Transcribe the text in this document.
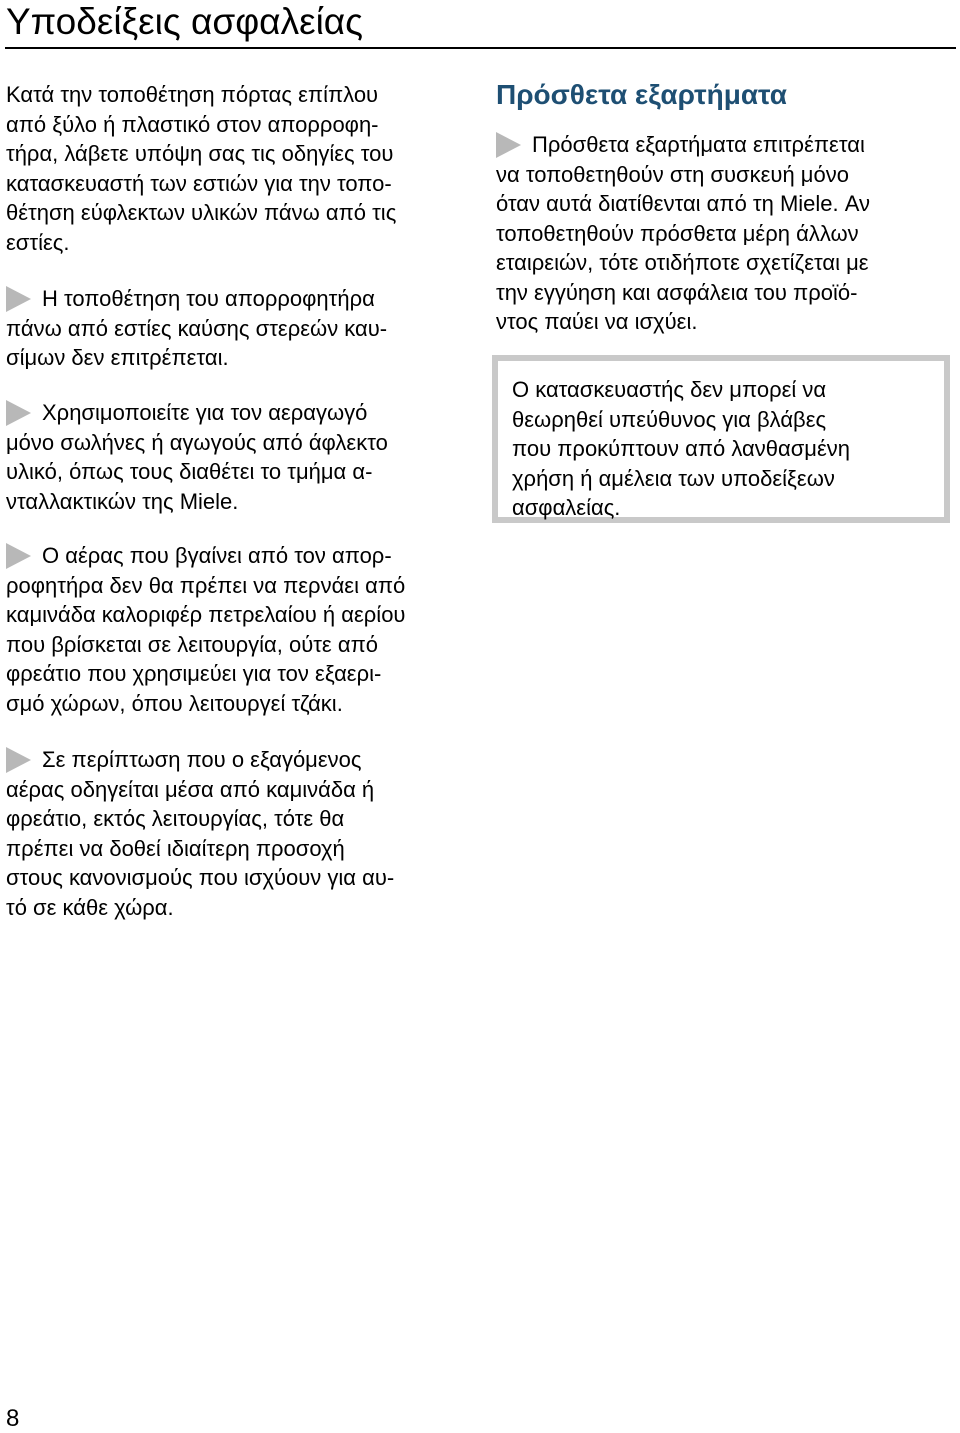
Υποδείξεις ασφαλείας

Κατά την τοποθέτηση πόρτας επίπλου
από ξύλο ή πλαστικό στον απορροφη-
τήρα, λάβετε υπόψη σας τις οδηγίες του
κατασκευαστή των εστιών για την τοπο-
θέτηση εύφλεκτων υλικών πάνω από τις
εστίες.

Η τοποθέτηση του απορροφητήρα
πάνω από εστίες καύσης στερεών καυ-
σίμων δεν επιτρέπεται.

Χρησιμοποιείτε για τον αεραγωγό
μόνο σωλήνες ή αγωγούς από άφλεκτο
υλικό, όπως τους διαθέτει το τμήμα α-
νταλλακτικών της Miele.

Ο αέρας που βγαίνει από τον απορ-
ροφητήρα δεν θα πρέπει να περνάει από
καμινάδα καλοριφέρ πετρελαίου ή αερίου
που βρίσκεται σε λειτουργία, ούτε από
φρεάτιο που χρησιμεύει για τον εξαερι-
σμό χώρων, όπου λειτουργεί τζάκι.

Σε περίπτωση που ο εξαγόμενος
αέρας οδηγείται μέσα από καμινάδα ή
φρεάτιο, εκτός λειτουργίας, τότε θα
πρέπει να δοθεί ιδιαίτερη προσοχή
στους κανονισμούς που ισχύουν για αυ-
τό σε κάθε χώρα.

Πρόσθετα εξαρτήματα

Πρόσθετα εξαρτήματα επιτρέπεται
να τοποθετηθούν στη συσκευή μόνο
όταν αυτά διατίθενται από τη Miele. Αν
τοποθετηθούν πρόσθετα μέρη άλλων
εταιρειών, τότε οτιδήποτε σχετίζεται με
την εγγύηση και ασφάλεια του προϊό-
ντος παύει να ισχύει.

Ο κατασκευαστής δεν μπορεί να
θεωρηθεί υπεύθυνος για βλάβες
που προκύπτουν από λανθασμένη
χρήση ή αμέλεια των υποδείξεων
ασφαλείας.

8
